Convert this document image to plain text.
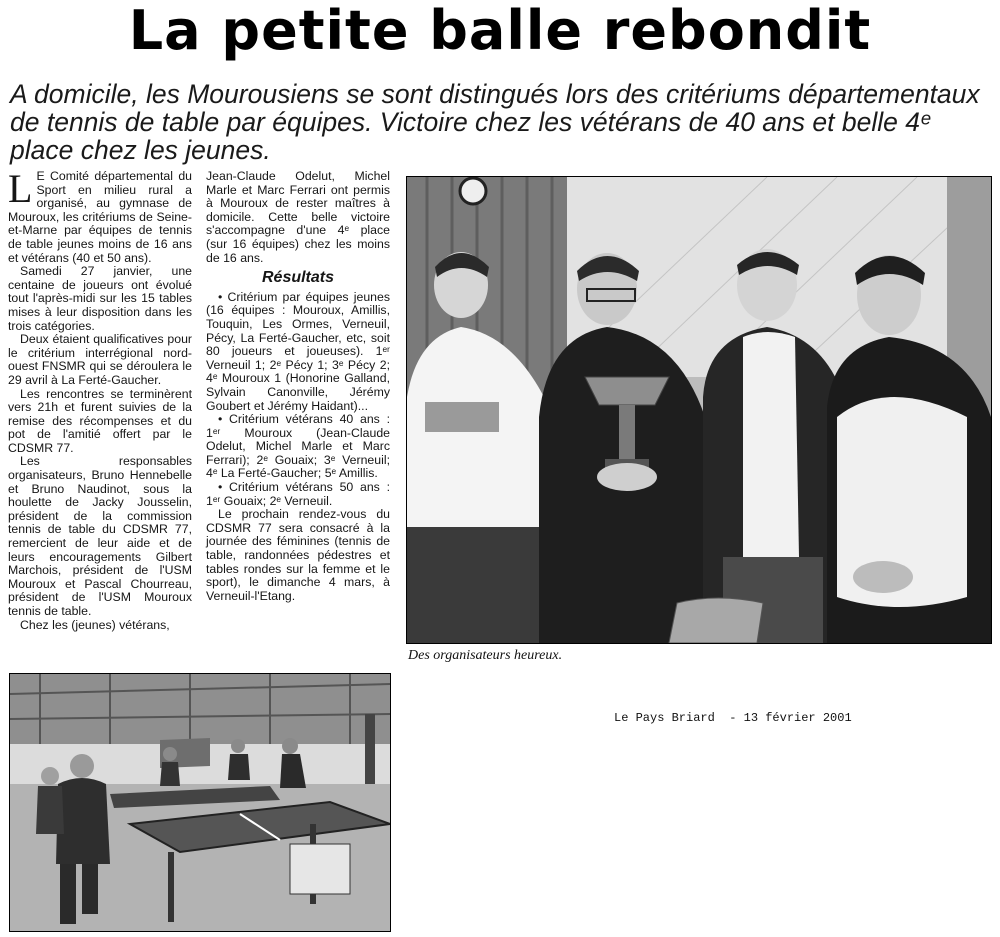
La petite balle rebondit
A domicile, les Mourousiens se sont distingués lors des critériums départementaux de tennis de table par équipes. Victoire chez les vétérans de 40 ans et belle 4ᵉ place chez les jeunes.
L E Comité départemental du Sport en milieu rural a organisé, au gymnase de Mouroux, les critériums de Seine-et-Marne par équipes de tennis de table jeunes moins de 16 ans et vétérans (40 et 50 ans).

Samedi 27 janvier, une centaine de joueurs ont évolué tout l'après-midi sur les 15 tables mises à leur disposition dans les trois catégories.

Deux étaient qualificatives pour le critérium interrégional nord-ouest FNSMR qui se déroulera le 29 avril à La Ferté-Gaucher.

Les rencontres se terminèrent vers 21h et furent suivies de la remise des récompenses et du pot de l'amitié offert par le CDSMR 77.

Les responsables organisateurs, Bruno Hennebelle et Bruno Naudinot, sous la houlette de Jacky Jousselin, président de la commission tennis de table du CDSMR 77, remercient de leur aide et de leurs encouragements Gilbert Marchois, président de l'USM Mouroux et Pascal Chourreau, président de l'USM Mouroux tennis de table.

Chez les (jeunes) vétérans,

Jean-Claude Odelut, Michel Marle et Marc Ferrari ont permis à Mouroux de rester maîtres à domicile. Cette belle victoire s'accompagne d'une 4ᵉ place (sur 16 équipes) chez les moins de 16 ans.

Résultats

• Critérium par équipes jeunes (16 équipes : Mouroux, Amillis, Touquin, Les Ormes, Verneuil, Pécy, La Ferté-Gaucher, etc, soit 80 joueurs et joueuses). 1ᵉʳ Verneuil 1; 2ᵉ Pécy 1; 3ᵉ Pécy 2; 4ᵉ Mouroux 1 (Honorine Galland, Sylvain Canonville, Jérémy Goubert et Jérémy Haidant)...

• Critérium vétérans 40 ans : 1ᵉʳ Mouroux (Jean-Claude Odelut, Michel Marle et Marc Ferrari); 2ᵉ Gouaix; 3ᵉ Verneuil; 4ᵉ La Ferté-Gaucher; 5ᵉ Amillis.

• Critérium vétérans 50 ans : 1ᵉʳ Gouaix; 2ᵉ Verneuil.

Le prochain rendez-vous du CDSMR 77 sera consacré à la journée des féminines (tennis de table, randonnées pédestres et tables rondes sur la femme et le sport), le dimanche 4 mars, à Verneuil-l'Etang.

Des organisateurs heureux.
Le Pays Briard  - 13 février 2001
